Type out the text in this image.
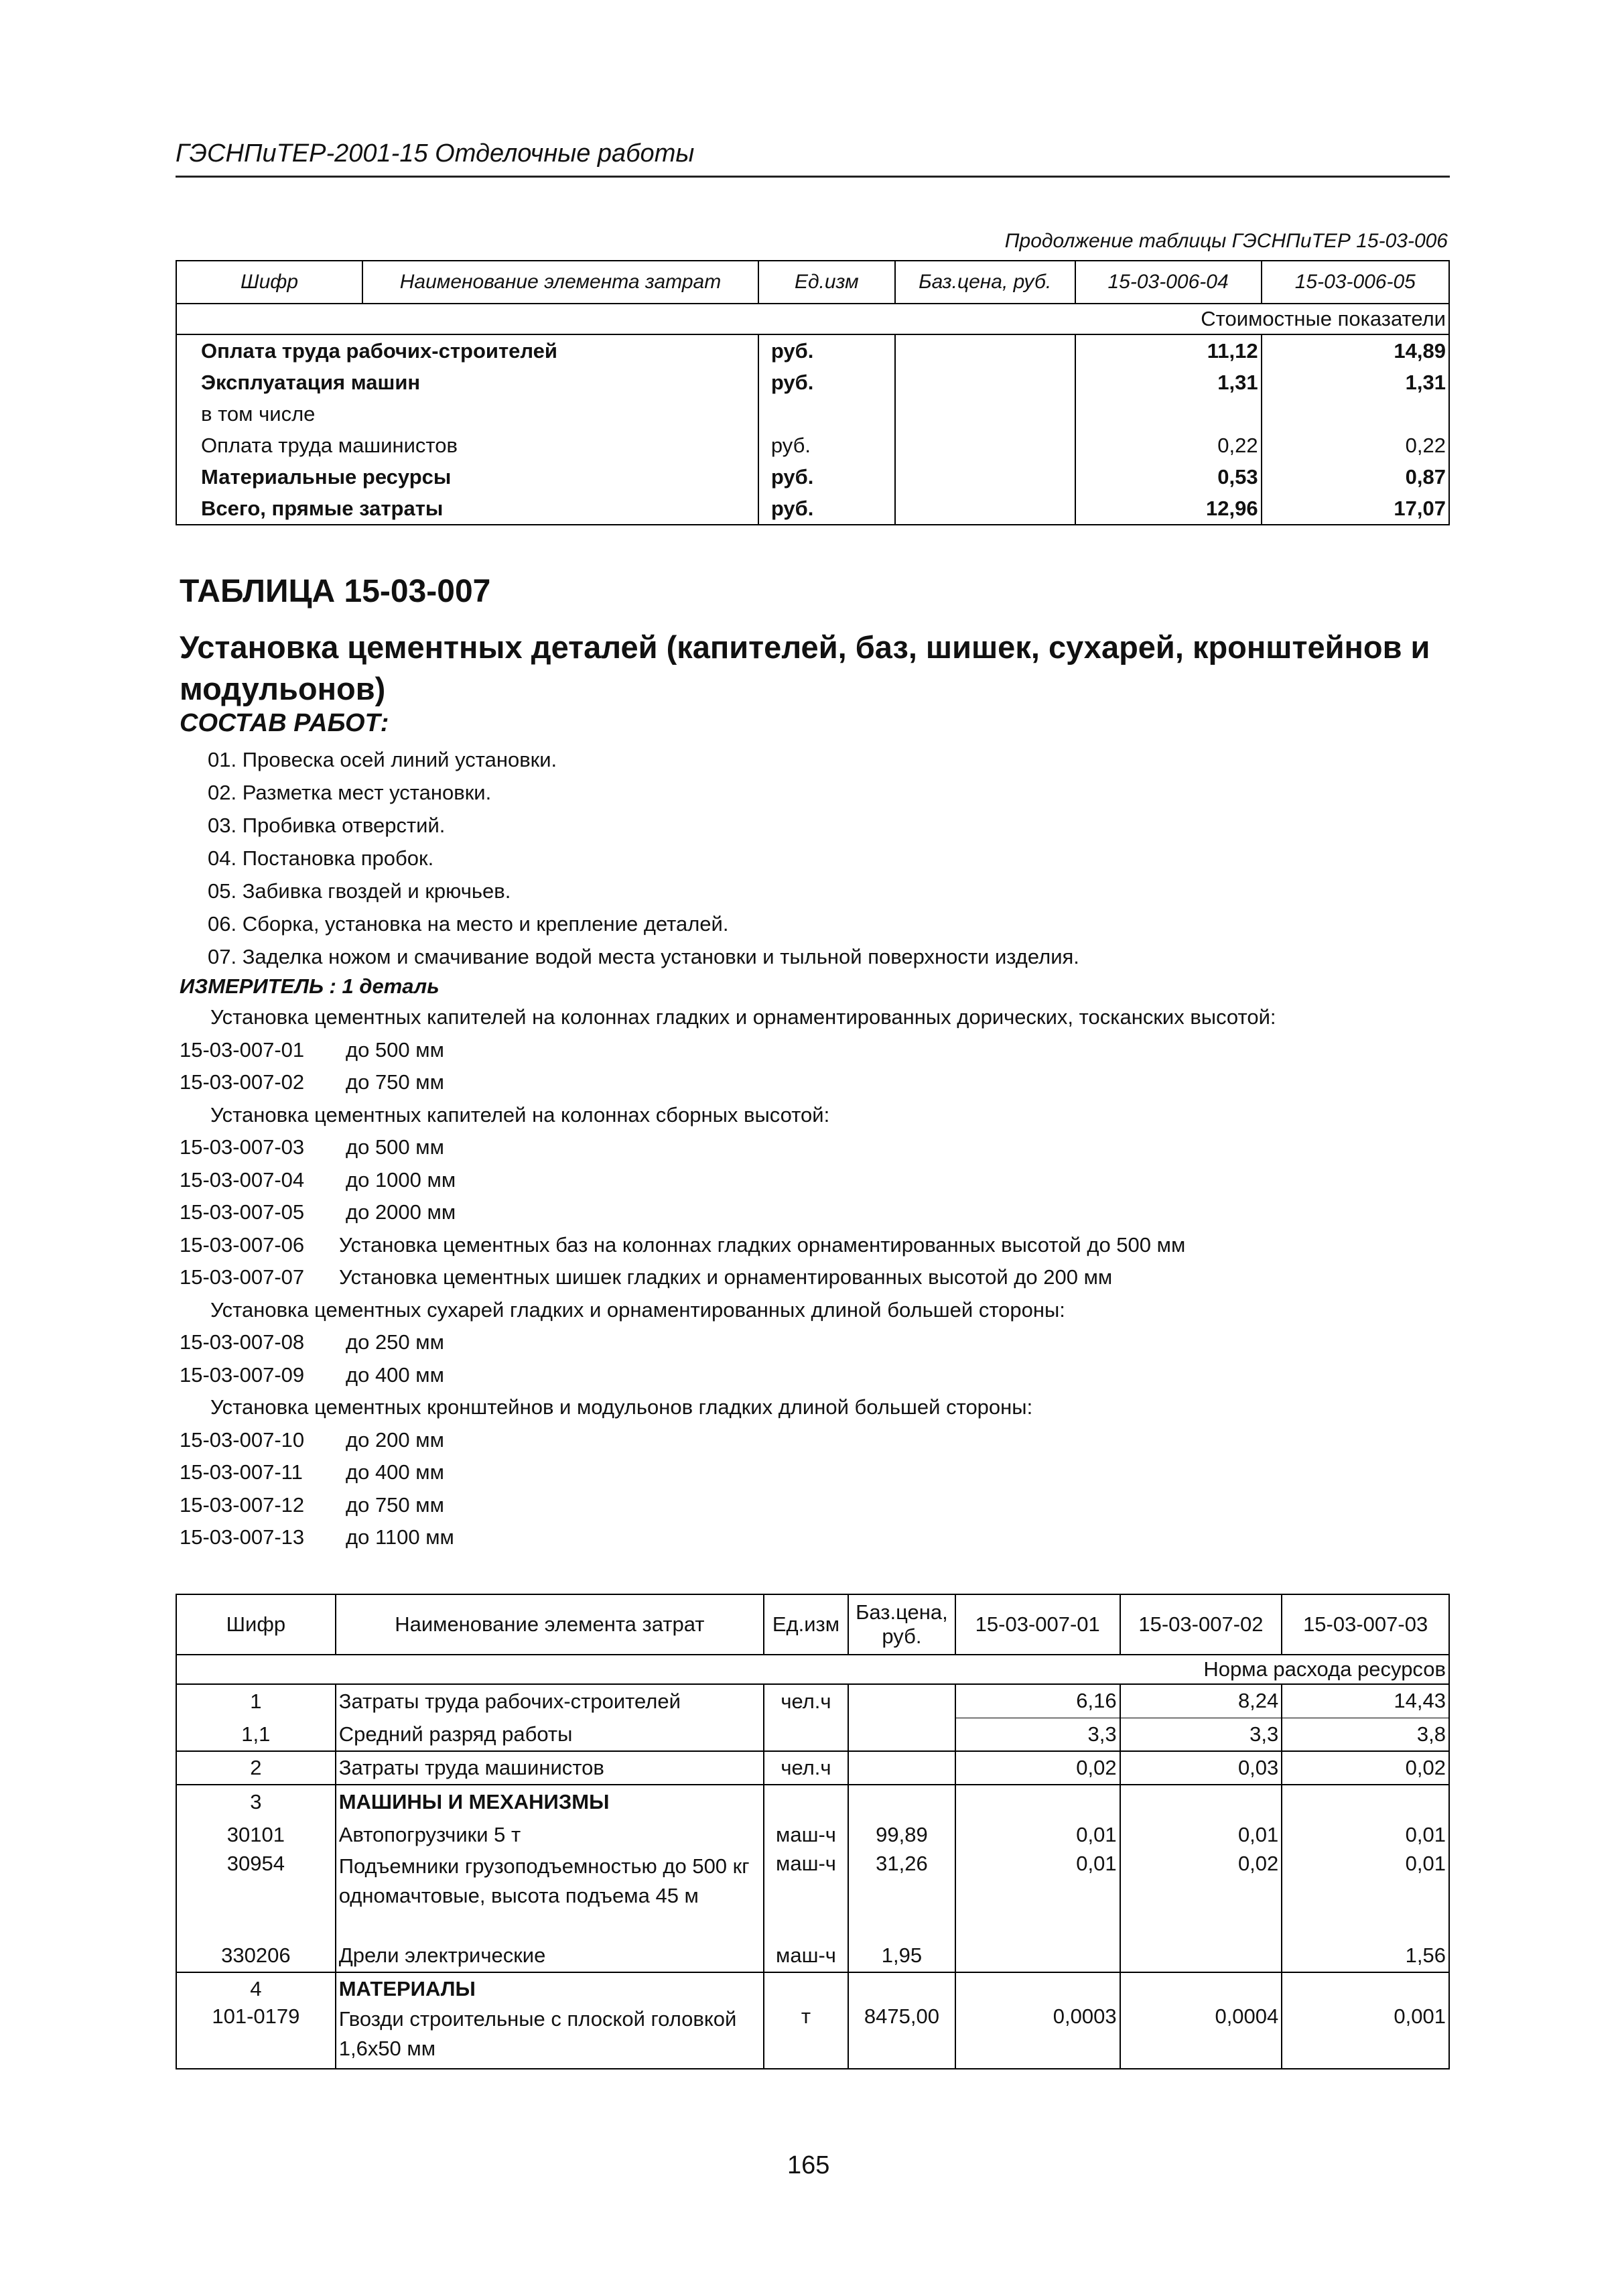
ГЭСНПиТЕР-2001-15 Отделочные работы
Продолжение таблицы ГЭСНПиТЕР 15-03-006
Шифр	Наименование элемента затрат	Ед.изм	Баз.цена, руб.	15-03-006-04	15-03-006-05
Стоимостные показатели					
Оплата труда рабочих-строителей		руб.		11,12	14,89
Эксплуатация машин		руб.		1,31	1,31
в том числе					
Оплата труда машинистов		руб.		0,22	0,22
Материальные ресурсы		руб.		0,53	0,87
Всего, прямые затраты		руб.		12,96	17,07
ТАБЛИЦА 15-03-007
Установка цементных деталей (капителей, баз, шишек, сухарей, кронштейнов и модульонов)
СОСТАВ РАБОТ:
01. Провеска осей линий установки.
02. Разметка мест установки.
03. Пробивка отверстий.
04. Постановка пробок.
05. Забивка гвоздей и крючьев.
06. Сборка, установка на место и крепление деталей.
07. Заделка ножом и смачивание водой места установки и тыльной поверхности изделия.
ИЗМЕРИТЕЛЬ : 1 деталь
Установка цементных капителей на колоннах гладких и орнаментированных дорических, тосканских высотой:
15-03-007-01 до 500 мм
15-03-007-02 до 750 мм
Установка цементных капителей на колоннах сборных высотой:
15-03-007-03 до 500 мм
15-03-007-04 до 1000 мм
15-03-007-05 до 2000 мм
15-03-007-06 Установка цементных баз на колоннах гладких орнаментированных высотой до 500 мм
15-03-007-07 Установка цементных шишек гладких и орнаментированных высотой до 200 мм
Установка цементных сухарей гладких и орнаментированных длиной большей стороны:
15-03-007-08 до 250 мм
15-03-007-09 до 400 мм
Установка цементных кронштейнов и модульонов гладких длиной большей стороны:
15-03-007-10 до 200 мм
15-03-007-11 до 400 мм
15-03-007-12 до 750 мм
15-03-007-13 до 1100 мм
Шифр	Наименование элемента затрат	Ед.изм	Баз.цена, руб.	15-03-007-01	15-03-007-02	15-03-007-03
Норма расхода ресурсов						
1	Затраты труда рабочих-строителей	чел.ч		6,16	8,24	14,43
1,1	Средний разряд работы			3,3	3,3	3,8
2	Затраты труда машинистов	чел.ч		0,02	0,03	0,02
3	МАШИНЫ И МЕХАНИЗМЫ					
30101	Автопогрузчики 5 т	маш-ч	99,89	0,01	0,01	0,01
30954	Подъемники грузоподъемностью до 500 кг одномачтовые, высота подъема 45 м	маш-ч	31,26	0,01	0,02	0,01
330206	Дрели электрические	маш-ч	1,95			1,56
4	МАТЕРИАЛЫ					
101-0179	Гвозди строительные с плоской головкой 1,6х50 мм	т	8475,00	0,0003	0,0004	0,001
165
